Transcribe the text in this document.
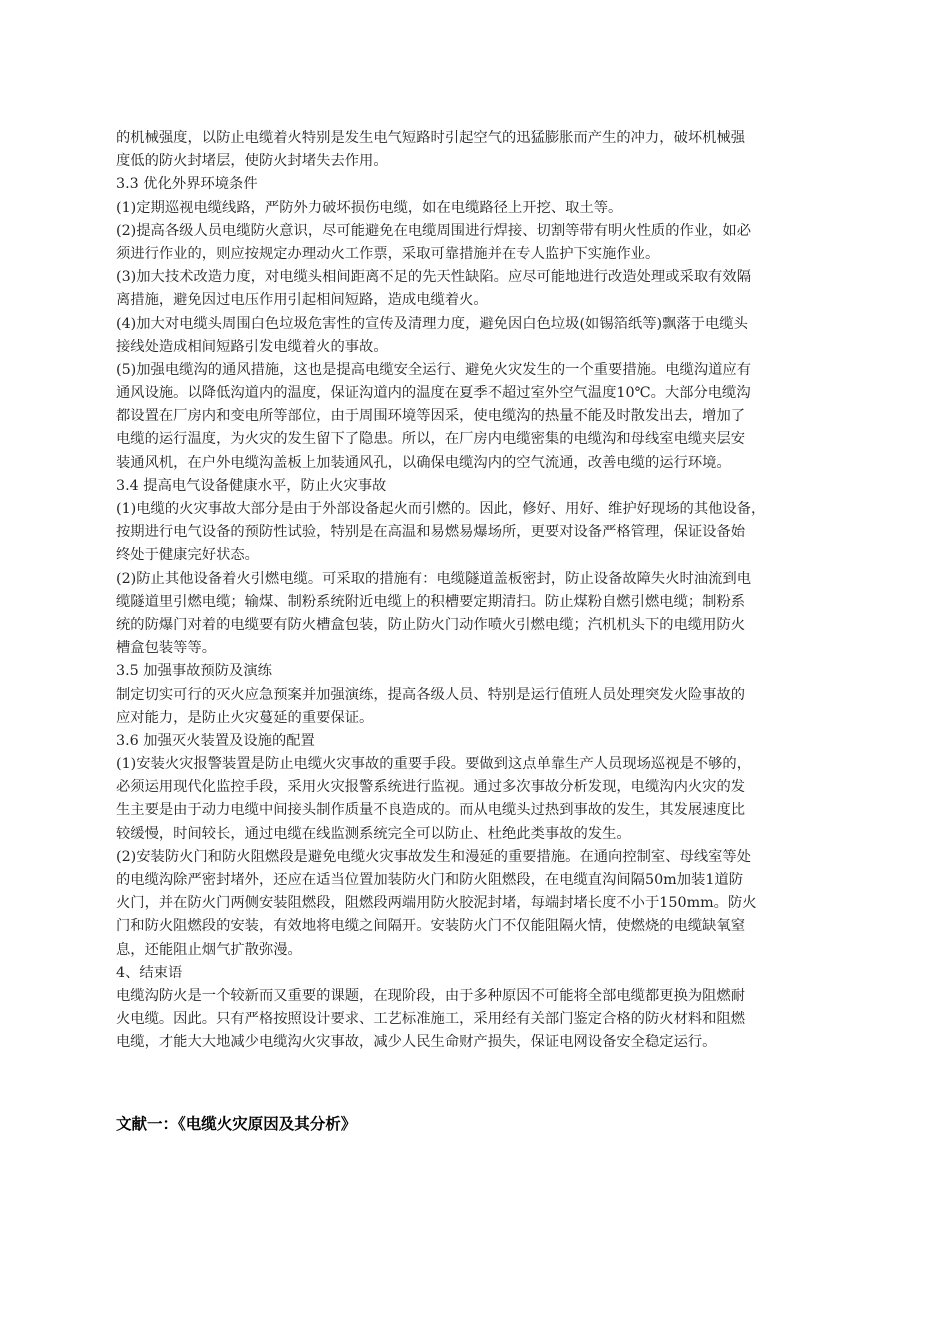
的机械强度，以防止电缆着火特别是发生电气短路时引起空气的迅猛膨胀而产生的冲力，破坏机械强
度低的防火封堵层，使防火封堵失去作用。
3.3 优化外界环境条件
(1)定期巡视电缆线路，严防外力破坏损伤电缆，如在电缆路径上开挖、取土等。
(2)提高各级人员电缆防火意识，尽可能避免在电缆周围进行焊接、切割等带有明火性质的作业，如必
须进行作业的，则应按规定办理动火工作票，采取可靠措施并在专人监护下实施作业。
(3)加大技术改造力度，对电缆头相间距离不足的先天性缺陷。应尽可能地进行改造处理或采取有效隔
离措施，避免因过电压作用引起相间短路，造成电缆着火。
(4)加大对电缆头周围白色垃圾危害性的宣传及清理力度，避免因白色垃圾(如锡箔纸等)飘落于电缆头
接线处造成相间短路引发电缆着火的事故。
(5)加强电缆沟的通风措施，这也是提高电缆安全运行、避免火灾发生的一个重要措施。电缆沟道应有
通风设施。以降低沟道内的温度，保证沟道内的温度在夏季不超过室外空气温度10℃。大部分电缆沟
都设置在厂房内和变电所等部位，由于周围环境等因采，使电缆沟的热量不能及时散发出去，增加了
电缆的运行温度，为火灾的发生留下了隐患。所以，在厂房内电缆密集的电缆沟和母线室电缆夹层安
装通风机，在户外电缆沟盖板上加装通风孔，以确保电缆沟内的空气流通，改善电缆的运行环境。
3.4 提高电气设备健康水平，防止火灾事故
(1)电缆的火灾事故大部分是由于外部设备起火而引燃的。因此，修好、用好、维护好现场的其他设备，
按期进行电气设备的预防性试验，特别是在高温和易燃易爆场所，更要对设备严格管理，保证设备始
终处于健康完好状态。
(2)防止其他设备着火引燃电缆。可采取的措施有：电缆隧道盖板密封，防止设备故障失火时油流到电
缆隧道里引燃电缆；输煤、制粉系统附近电缆上的积槽要定期清扫。防止煤粉自燃引燃电缆；制粉系
统的防爆门对着的电缆要有防火槽盒包装，防止防火门动作喷火引燃电缆；汽机机头下的电缆用防火
槽盒包装等等。
3.5 加强事故预防及演练
制定切实可行的灭火应急预案并加强演练，提高各级人员、特别是运行值班人员处理突发火险事故的
应对能力，是防止火灾蔓延的重要保证。
3.6 加强灭火装置及设施的配置
(1)安装火灾报警装置是防止电缆火灾事故的重要手段。要做到这点单靠生产人员现场巡视是不够的，
必须运用现代化监控手段，采用火灾报警系统进行监视。通过多次事故分析发现，电缆沟内火灾的发
生主要是由于动力电缆中间接头制作质量不良造成的。而从电缆头过热到事故的发生，其发展速度比
较缓慢，时间较长，通过电缆在线监测系统完全可以防止、杜绝此类事故的发生。
(2)安装防火门和防火阻燃段是避免电缆火灾事故发生和漫延的重要措施。在通向控制室、母线室等处
的电缆沟除严密封堵外，还应在适当位置加装防火门和防火阻燃段，在电缆直沟间隔50m加装1道防
火门，并在防火门两侧安装阻燃段，阻燃段两端用防火胶泥封堵，每端封堵长度不小于150mm。防火
门和防火阻燃段的安装，有效地将电缆之间隔开。安装防火门不仅能阻隔火情，使燃烧的电缆缺氧窒
息，还能阻止烟气扩散弥漫。
4、结束语
电缆沟防火是一个较新而又重要的课题，在现阶段，由于多种原因不可能将全部电缆都更换为阻燃耐
火电缆。因此。只有严格按照设计要求、工艺标准施工，采用经有关部门鉴定合格的防火材料和阻燃
电缆，才能大大地减少电缆沟火灾事故，减少人民生命财产损失，保证电网设备安全稳定运行。
文献一：《电缆火灾原因及其分析》
